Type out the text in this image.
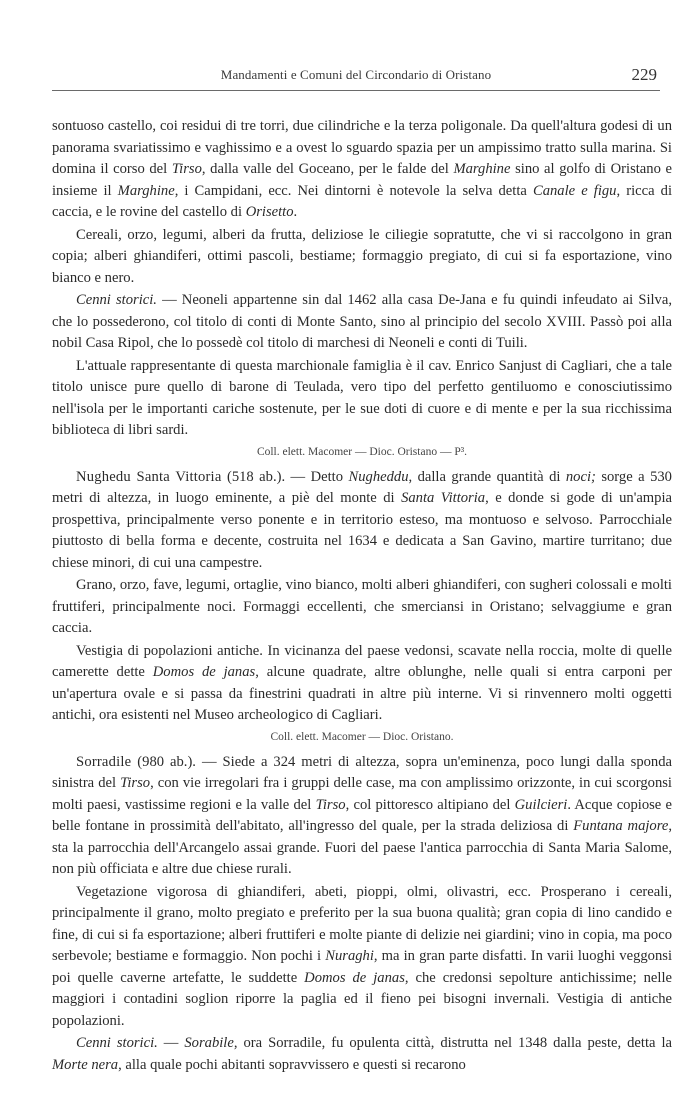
Mandamenti e Comuni del Circondario di Oristano	229

sontuoso castello, coi residui di tre torri, due cilindriche e la terza poligonale. Da quell'altura godesi di un panorama svariatissimo e vaghissimo e a ovest lo sguardo spazia per un ampissimo tratto sulla marina. Si domina il corso del Tirso, dalla valle del Goceano, per le falde del Marghine sino al golfo di Oristano e insieme il Marghine, i Campidani, ecc. Nei dintorni è notevole la selva detta Canale e figu, ricca di caccia, e le rovine del castello di Orisetto.

Cereali, orzo, legumi, alberi da frutta, deliziose le ciliegie sopratutte, che vi si raccolgono in gran copia; alberi ghiandiferi, ottimi pascoli, bestiame; formaggio pregiato, di cui si fa esportazione, vino bianco e nero.

Cenni storici. — Neoneli appartenne sin dal 1462 alla casa De-Jana e fu quindi infeudato ai Silva, che lo possederono, col titolo di conti di Monte Santo, sino al principio del secolo XVIII. Passò poi alla nobil Casa Ripol, che lo possedè col titolo di marchesi di Neoneli e conti di Tuili.

L'attuale rappresentante di questa marchionale famiglia è il cav. Enrico Sanjust di Cagliari, che a tale titolo unisce pure quello di barone di Teulada, vero tipo del perfetto gentiluomo e conosciutissimo nell'isola per le importanti cariche sostenute, per le sue doti di cuore e di mente e per la sua ricchissima biblioteca di libri sardi.

Coll. elett. Macomer — Dioc. Oristano — P³.

Nughedu Santa Vittoria (518 ab.). — Detto Nugheddu, dalla grande quantità di noci; sorge a 530 metri di altezza, in luogo eminente, a piè del monte di Santa Vittoria, e donde si gode di un'ampia prospettiva, principalmente verso ponente e in territorio esteso, ma montuoso e selvoso. Parrocchiale piuttosto di bella forma e decente, costruita nel 1634 e dedicata a San Gavino, martire turritano; due chiese minori, di cui una campestre.

Grano, orzo, fave, legumi, ortaglie, vino bianco, molti alberi ghiandiferi, con sugheri colossali e molti fruttiferi, principalmente noci. Formaggi eccellenti, che smerciansi in Oristano; selvaggiume e gran caccia.

Vestigia di popolazioni antiche. In vicinanza del paese vedonsi, scavate nella roccia, molte di quelle camerette dette Domos de janas, alcune quadrate, altre oblunghe, nelle quali si entra carponi per un'apertura ovale e si passa da finestrini quadrati in altre più interne. Vi si rinvennero molti oggetti antichi, ora esistenti nel Museo archeologico di Cagliari.

Coll. elett. Macomer — Dioc. Oristano.

Sorradile (980 ab.). — Siede a 324 metri di altezza, sopra un'eminenza, poco lungi dalla sponda sinistra del Tirso, con vie irregolari fra i gruppi delle case, ma con amplissimo orizzonte, in cui scorgonsi molti paesi, vastissime regioni e la valle del Tirso, col pittoresco altipiano del Guilcieri. Acque copiose e belle fontane in prossimità dell'abitato, all'ingresso del quale, per la strada deliziosa di Funtana majore, sta la parrocchia dell'Arcangelo assai grande. Fuori del paese l'antica parrocchia di Santa Maria Salome, non più officiata e altre due chiese rurali.

Vegetazione vigorosa di ghiandiferi, abeti, pioppi, olmi, olivastri, ecc. Prosperano i cereali, principalmente il grano, molto pregiato e preferito per la sua buona qualità; gran copia di lino candido e fine, di cui si fa esportazione; alberi fruttiferi e molte piante di delizie nei giardini; vino in copia, ma poco serbevole; bestiame e formaggio. Non pochi i Nuraghi, ma in gran parte disfatti. In varii luoghi veggonsi poi quelle caverne artefatte, le suddette Domos de janas, che credonsi sepolture antichissime; nelle maggiori i contadini soglion riporre la paglia ed il fieno pei bisogni invernali. Vestigia di antiche popolazioni.

Cenni storici. — Sorabile, ora Sorradile, fu opulenta città, distrutta nel 1348 dalla peste, detta la Morte nera, alla quale pochi abitanti sopravvissero e questi si recarono
